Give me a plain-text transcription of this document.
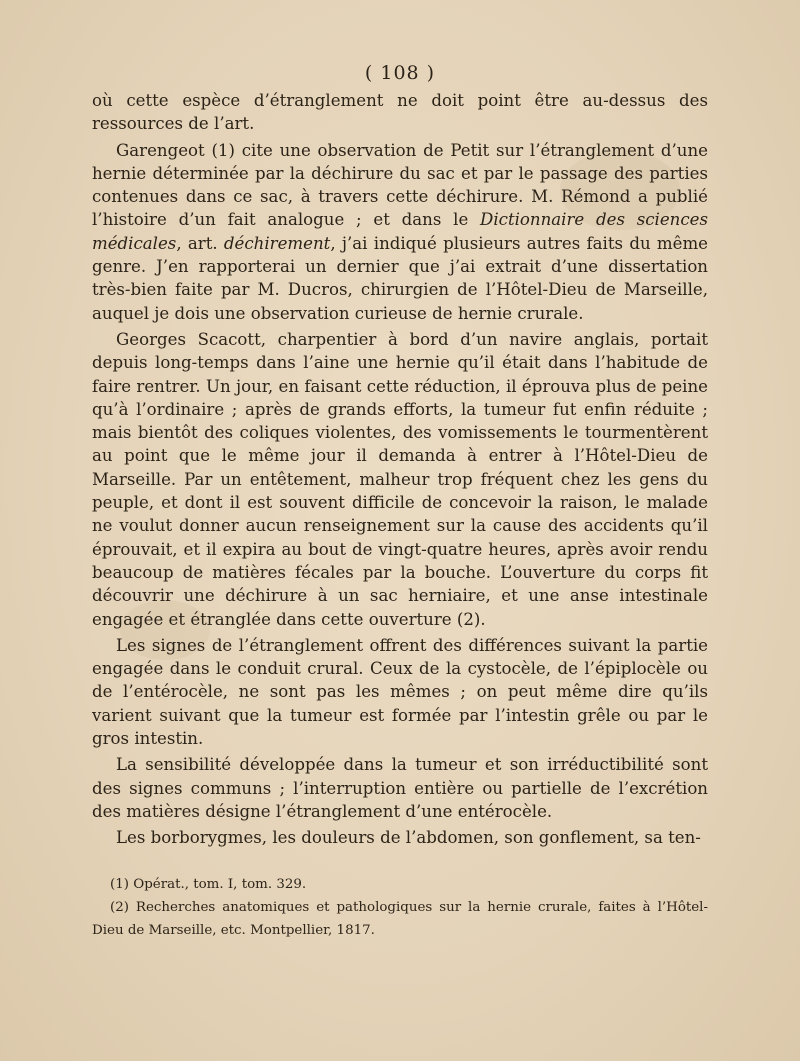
( 108 )

où cette espèce d’étranglement ne doit point être au-dessus des ressources de l’art.

Garengeot (1) cite une observation de Petit sur l’étranglement d’une hernie déterminée par la déchirure du sac et par le passage des parties contenues dans ce sac, à travers cette déchirure. M. Rémond a publié l’histoire d’un fait analogue ; et dans le Dictionnaire des sciences médicales, art. déchirement, j’ai indiqué plusieurs autres faits du même genre. J’en rapporterai un dernier que j’ai extrait d’une dissertation très-bien faite par M. Ducros, chirurgien de l’Hôtel-Dieu de Marseille, auquel je dois une observation curieuse de hernie crurale.

Georges Scacott, charpentier à bord d’un navire anglais, portait depuis long-temps dans l’aine une hernie qu’il était dans l’habitude de faire rentrer. Un jour, en faisant cette réduction, il éprouva plus de peine qu’à l’ordinaire ; après de grands efforts, la tumeur fut enfin réduite ; mais bientôt des coliques violentes, des vomissements le tourmentèrent au point que le même jour il demanda à entrer à l’Hôtel-Dieu de Marseille. Par un entêtement, malheur trop fréquent chez les gens du peuple, et dont il est souvent difficile de concevoir la raison, le malade ne voulut donner aucun renseignement sur la cause des accidents qu’il éprouvait, et il expira au bout de vingt-quatre heures, après avoir rendu beaucoup de matières fécales par la bouche. L’ouverture du corps fit découvrir une déchirure à un sac herniaire, et une anse intestinale engagée et étranglée dans cette ouverture (2).

Les signes de l’étranglement offrent des différences suivant la partie engagée dans le conduit crural. Ceux de la cystocèle, de l’épiplocèle ou de l’entérocèle, ne sont pas les mêmes ; on peut même dire qu’ils varient suivant que la tumeur est formée par l’intestin grêle ou par le gros intestin.

La sensibilité développée dans la tumeur et son irréductibilité sont des signes communs ; l’interruption entière ou partielle de l’excrétion des matières désigne l’étranglement d’une entérocèle.

Les borborygmes, les douleurs de l’abdomen, son gonflement, sa ten-

(1) Opérat., tom. I, tom. 329.

(2) Recherches anatomiques et pathologiques sur la hernie crurale, faites à l’Hôtel-Dieu de Marseille, etc. Montpellier, 1817.
